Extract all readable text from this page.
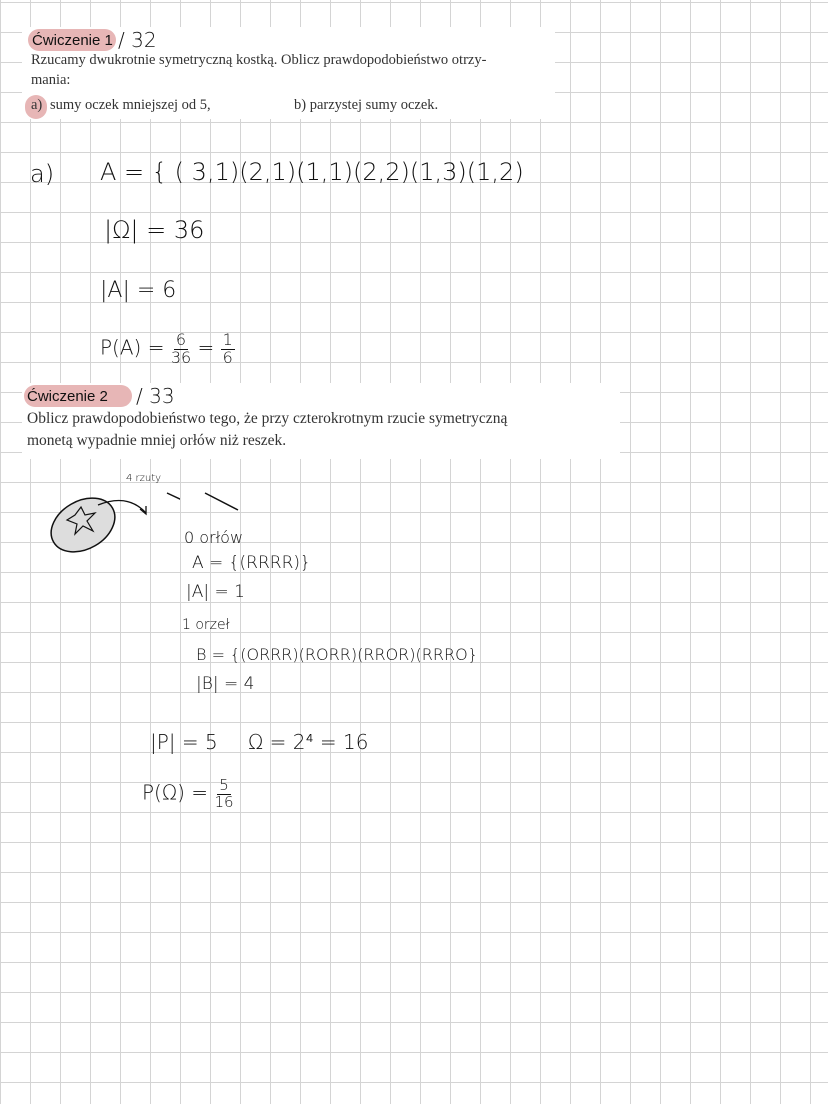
Ćwiczenie 1 / 32
Rzucamy dwukrotnie symetryczną kostką. Oblicz prawdopodobieństwo otrzy-
mania:
a) sumy oczek mniejszej od 5,	b) parzystej sumy oczek.
a) A = { ( 3,1)(2,1)(1,1)(2,2)(1,3)(1,2)
|Ω| = 36
|A| = 6
$P(A) = \frac{6}{36} = \frac{1}{6}$
Ćwiczenie 2 / 33
Oblicz prawdopodobieństwo tego, że przy czterokrotnym rzucie symetryczną
monetą wypadnie mniej orłów niż reszek.
4 rzuty
0 orłów
A = {(RRRR)}
|A| = 1
1 orzeł
B = {(ORRR)(RORR)(RROR)(RRRO}
|B| = 4
|P| = 5 Ω = 2⁴ = 16
$P(\Omega) = \frac{5}{16}$
